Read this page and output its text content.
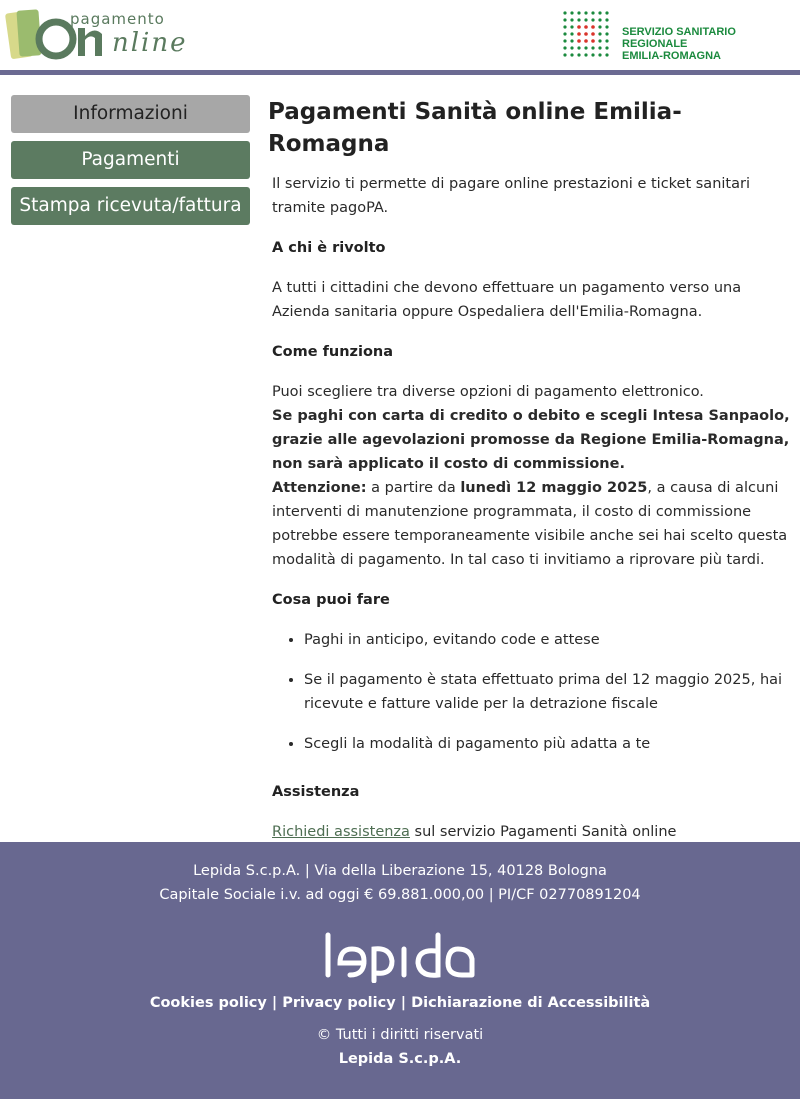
pagamento
nline	SERVIZIO SANITARIO REGIONALE
EMILIA-ROMAGNA
Informazioni
Pagamenti
Stampa ricevuta/fattura
Pagamenti Sanità online Emilia-Romagna

Il servizio ti permette di pagare online prestazioni e ticket sanitari tramite pagoPA.

A chi è rivolto

A tutti i cittadini che devono effettuare un pagamento verso una Azienda sanitaria oppure Ospedaliera dell'Emilia-Romagna.

Come funziona

Puoi scegliere tra diverse opzioni di pagamento elettronico.
Se paghi con carta di credito o debito e scegli Intesa Sanpaolo, grazie alle agevolazioni promosse da Regione Emilia-Romagna, non sarà applicato il costo di commissione.
Attenzione: a partire da lunedì 12 maggio 2025, a causa di alcuni interventi di manutenzione programmata, il costo di commissione potrebbe essere temporaneamente visibile anche sei hai scelto questa modalità di pagamento. In tal caso ti invitiamo a riprovare più tardi.

Cosa puoi fare
• Paghi in anticipo, evitando code e attese
• Se il pagamento è stata effettuato prima del 12 maggio 2025, hai ricevute e fatture valide per la detrazione fiscale
• Scegli la modalità di pagamento più adatta a te
Assistenza

Richiedi assistenza sul servizio Pagamenti Sanità online

Lepida S.c.p.A. | Via della Liberazione 15, 40128 Bologna
Capitale Sociale i.v. ad oggi € 69.881.000,00 | PI/CF 02770891204
Cookies policy | Privacy policy | Dichiarazione di Accessibilità
© Tutti i diritti riservati
Lepida S.c.p.A.
